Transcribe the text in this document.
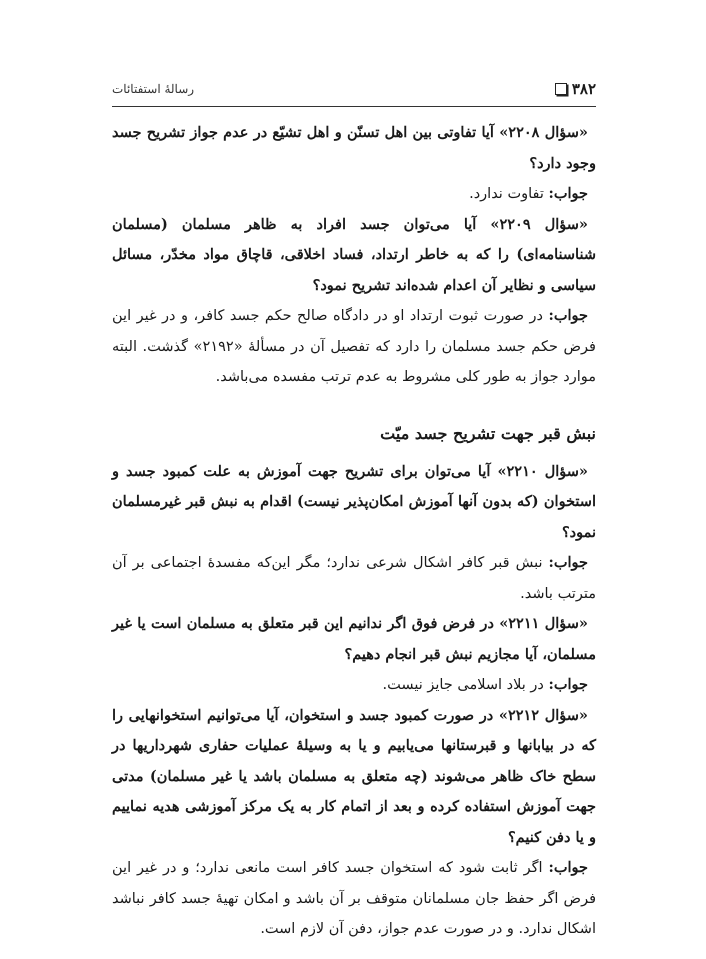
۳۸۲
رسالهٔ استفتائات

«سؤال ۲۲۰۸» آیا تفاوتی بین اهل تسنّن و اهل تشیّع در عدم جواز تشریح جسد وجود دارد؟

جواب: تفاوت ندارد.

«سؤال ۲۲۰۹» آیا می‌توان جسد افراد به ظاهر مسلمان (مسلمان شناسنامه‌ای) را که به خاطر ارتداد، فساد اخلاقی، قاچاق مواد مخدّر، مسائل سیاسی و نظایر آن اعدام شده‌اند تشریح نمود؟

جواب: در صورت ثبوت ارتداد او در دادگاه صالح حکم جسد کافر، و در غیر این فرض حکم جسد مسلمان را دارد که تفصیل آن در مسألهٔ «۲۱۹۲» گذشت. البته موارد جواز به طور کلی مشروط به عدم ترتب مفسده می‌باشد.

نبش قبر جهت تشریح جسد میّت

«سؤال ۲۲۱۰» آیا می‌توان برای تشریح جهت آموزش به علت کمبود جسد و استخوان (که بدون آنها آموزش امکان‌پذیر نیست) اقدام به نبش قبر غیرمسلمان نمود؟

جواب: نبش قبر کافر اشکال شرعی ندارد؛ مگر این‌که مفسدهٔ اجتماعی بر آن مترتب باشد.

«سؤال ۲۲۱۱» در فرض فوق اگر ندانیم این قبر متعلق به مسلمان است یا غیر مسلمان، آیا مجازیم نبش قبر انجام دهیم؟

جواب: در بلاد اسلامی جایز نیست.

«سؤال ۲۲۱۲» در صورت کمبود جسد و استخوان، آیا می‌توانیم استخوانهایی را که در بیابانها و قبرستانها می‌یابیم و یا به وسیلهٔ عملیات حفاری شهرداریها در سطح خاک ظاهر می‌شوند (چه متعلق به مسلمان باشد یا غیر مسلمان) مدتی جهت آموزش استفاده کرده و بعد از اتمام کار به یک مرکز آموزشی هدیه نماییم و یا دفن کنیم؟

جواب: اگر ثابت شود که استخوان جسد کافر است مانعی ندارد؛ و در غیر این فرض اگر حفظ جان مسلمانان متوقف بر آن باشد و امکان تهیهٔ جسد کافر نباشد اشکال ندارد. و در صورت عدم جواز، دفن آن لازم است.
